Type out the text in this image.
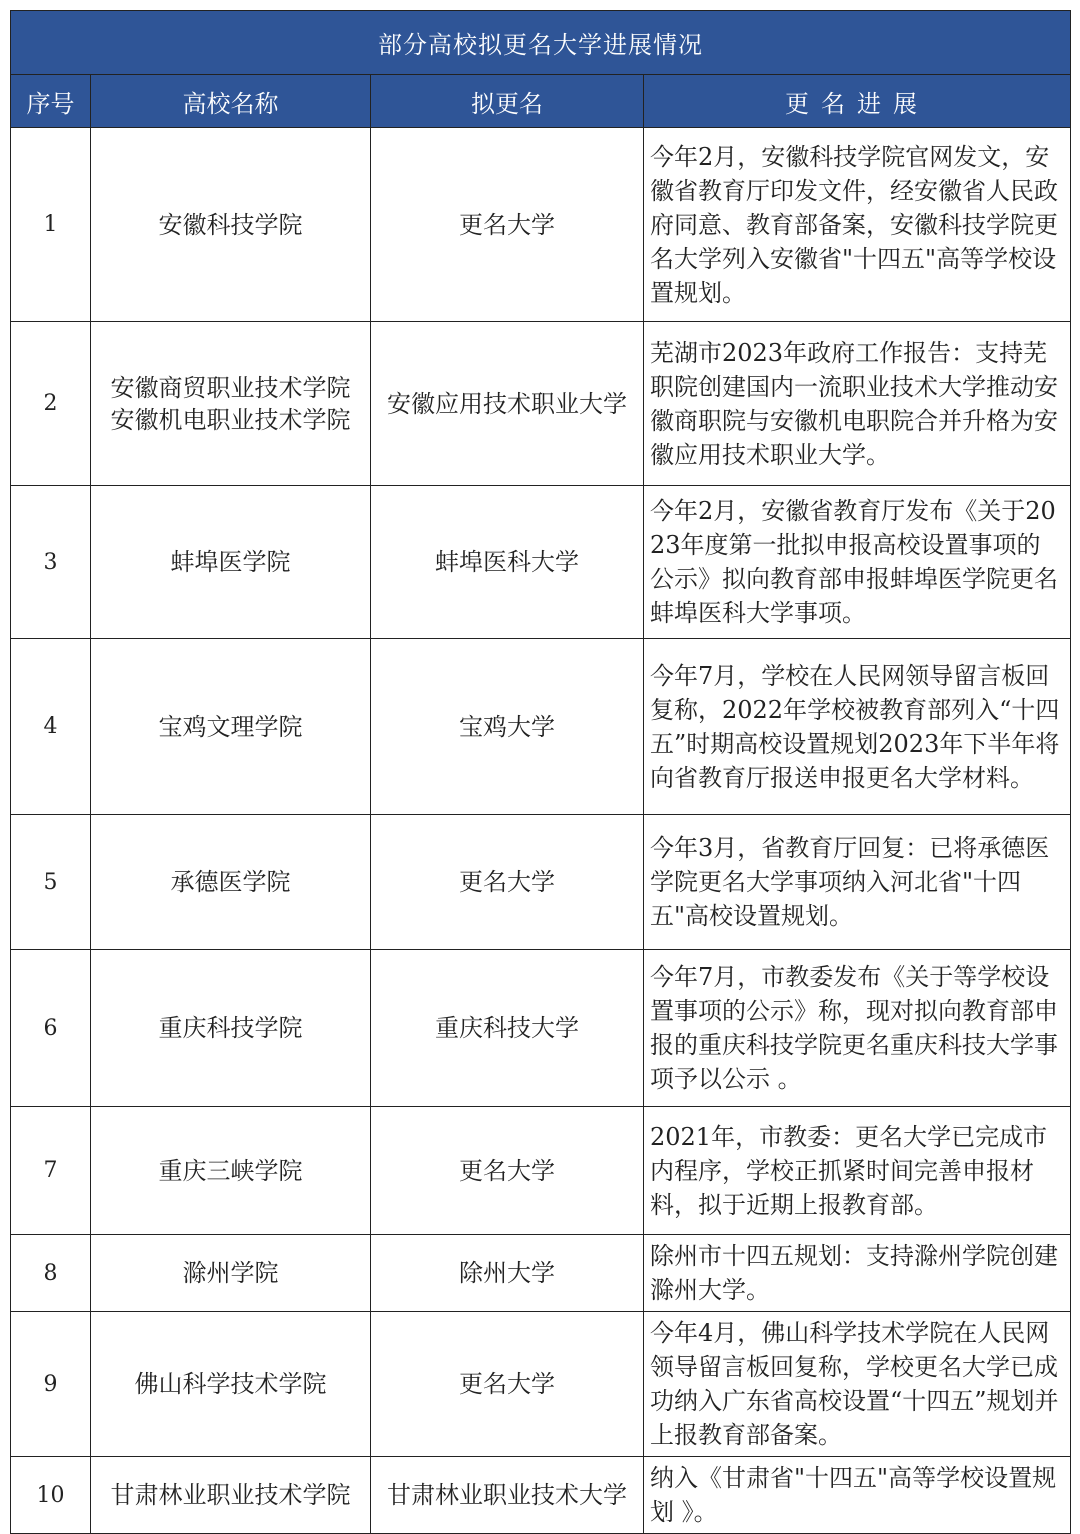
部分高校拟更名大学进展情况			
序号	高校名称	拟更名	更名进展
1	安徽科技学院	更名大学	今年2月，安徽科技学院官网发文，安徽省教育厅印发文件，经安徽省人民政府同意、教育部备案，安徽科技学院更名大学列入安徽省"十四五"高等学校设置规划。
2	安徽商贸职业技术学院
安徽机电职业技术学院	安徽应用技术职业大学	芜湖市2023年政府工作报告：支持芜职院创建国内一流职业技术大学推动安徽商职院与安徽机电职院合并升格为安徽应用技术职业大学。
3	蚌埠医学院	蚌埠医科大学	今年2月，安徽省教育厅发布《关于2023年度第一批拟申报高校设置事项的公示》拟向教育部申报蚌埠医学院更名蚌埠医科大学事项。
4	宝鸡文理学院	宝鸡大学	今年7月，学校在人民网领导留言板回复称，2022年学校被教育部列入“十四五”时期高校设置规划2023年下半年将向省教育厅报送申报更名大学材料。
5	承德医学院	更名大学	今年3月，省教育厅回复：已将承德医学院更名大学事项纳入河北省"十四五"高校设置规划。
6	重庆科技学院	重庆科技大学	今年7月，市教委发布《关于等学校设置事项的公示》称，现对拟向教育部申报的重庆科技学院更名重庆科技大学事项予以公示 。
7	重庆三峡学院	更名大学	2021年，市教委：更名大学已完成市内程序，学校正抓紧时间完善申报材料，拟于近期上报教育部。
8	滁州学院	除州大学	除州市十四五规划：支持滁州学院创建滁州大学。
9	佛山科学技术学院	更名大学	今年4月，佛山科学技术学院在人民网领导留言板回复称，学校更名大学已成功纳入广东省高校设置“十四五”规划并上报教育部备案。
10	甘肃林业职业技术学院	甘肃林业职业技术大学	纳入《甘肃省"十四五"高等学校设置规划 》。
